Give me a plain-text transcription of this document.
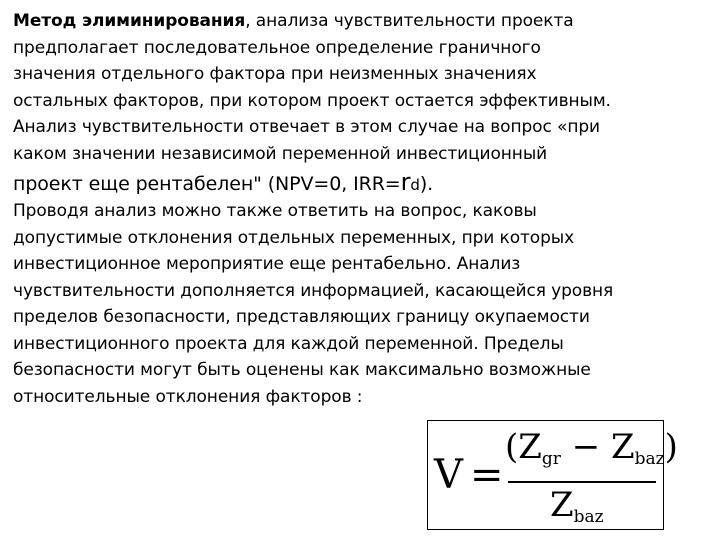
Метод элиминирования, анализа чувствительности проекта
предполагает последовательное определение граничного
значения отдельного фактора при неизменных значениях
остальных факторов, при котором проект остается эффективным.
Анализ чувствительности отвечает в этом случае на вопрос «при
каком значении независимой переменной инвестиционный
проект еще рентабелен" (NPV=0, IRR=rd).
Проводя анализ можно также ответить на вопрос, каковы
допустимые отклонения отдельных переменных, при которых
инвестиционное мероприятие еще рентабельно. Анализ
чувствительности дополняется информацией, касающейся уровня
пределов безопасности, представляющих границу окупаемости
инвестиционного проекта для каждой переменной. Пределы
безопасности могут быть оценены как максимально возможные
относительные отклонения факторов :
V =
$(Z_{gr} - Z_{baz})$
$Z_{baz}$
